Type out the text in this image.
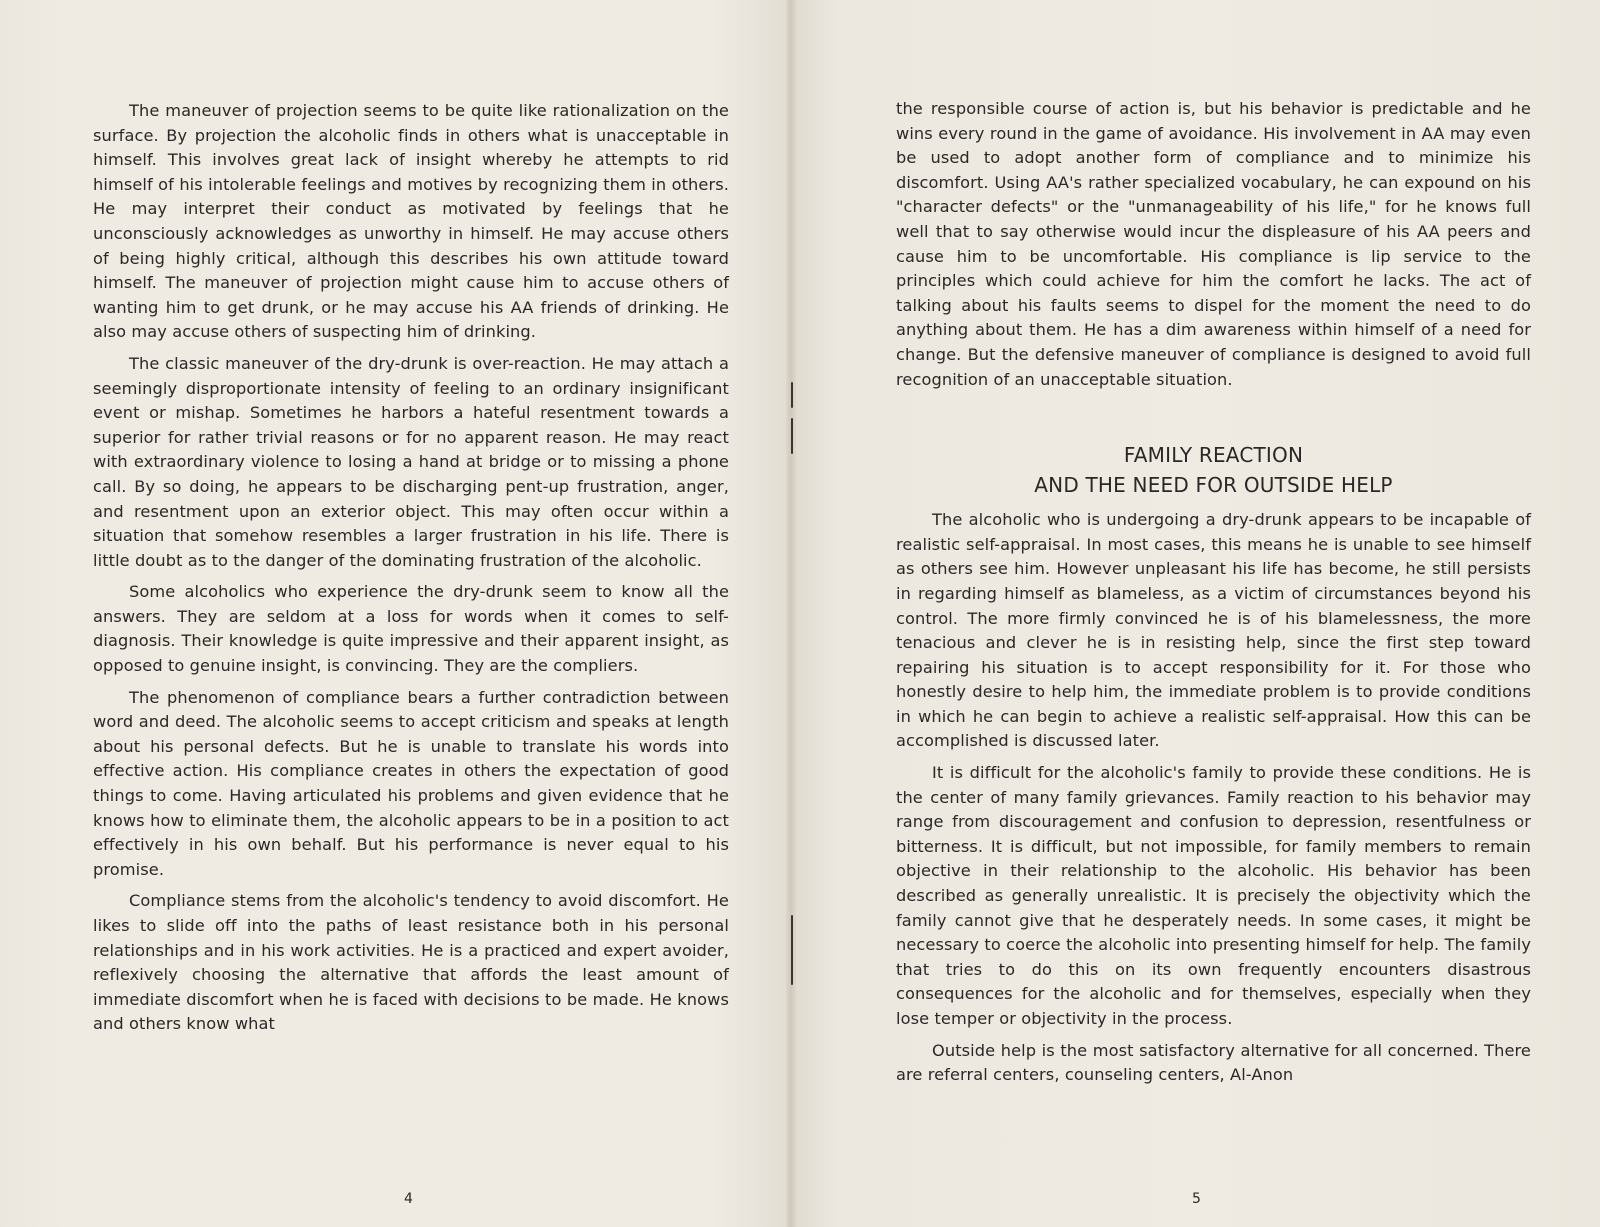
The maneuver of projection seems to be quite like rationalization on the surface. By projection the alcoholic finds in others what is unacceptable in himself. This involves great lack of insight whereby he attempts to rid himself of his intolerable feelings and motives by recognizing them in others. He may interpret their conduct as motivated by feelings that he unconsciously acknowledges as unworthy in himself. He may accuse others of being highly critical, although this describes his own attitude toward himself. The maneuver of projection might cause him to accuse others of wanting him to get drunk, or he may accuse his AA friends of drinking. He also may accuse others of suspecting him of drinking.

The classic maneuver of the dry-drunk is over-reaction. He may attach a seemingly disproportionate intensity of feeling to an ordinary insignificant event or mishap. Sometimes he harbors a hateful resentment towards a superior for rather trivial reasons or for no apparent reason. He may react with extraordinary violence to losing a hand at bridge or to missing a phone call. By so doing, he appears to be discharging pent-up frustration, anger, and resentment upon an exterior object. This may often occur within a situation that somehow resembles a larger frustration in his life. There is little doubt as to the danger of the dominating frustration of the alcoholic.

Some alcoholics who experience the dry-drunk seem to know all the answers. They are seldom at a loss for words when it comes to self-diagnosis. Their knowledge is quite impressive and their apparent insight, as opposed to genuine insight, is convincing. They are the compliers.

The phenomenon of compliance bears a further contradiction between word and deed. The alcoholic seems to accept criticism and speaks at length about his personal defects. But he is unable to translate his words into effective action. His compliance creates in others the expectation of good things to come. Having articulated his problems and given evidence that he knows how to eliminate them, the alcoholic appears to be in a position to act effectively in his own behalf. But his performance is never equal to his promise.

Compliance stems from the alcoholic's tendency to avoid discomfort. He likes to slide off into the paths of least resistance both in his personal relationships and in his work activities. He is a practiced and expert avoider, reflexively choosing the alternative that affords the least amount of immediate discomfort when he is faced with decisions to be made. He knows and others know what

4

the responsible course of action is, but his behavior is predictable and he wins every round in the game of avoidance. His involvement in AA may even be used to adopt another form of compliance and to minimize his discomfort. Using AA's rather specialized vocabulary, he can expound on his "character defects" or the "unmanageability of his life," for he knows full well that to say otherwise would incur the displeasure of his AA peers and cause him to be uncomfortable. His compliance is lip service to the principles which could achieve for him the comfort he lacks. The act of talking about his faults seems to dispel for the moment the need to do anything about them. He has a dim awareness within himself of a need for change. But the defensive maneuver of compliance is designed to avoid full recognition of an unacceptable situation.

FAMILY REACTION
AND THE NEED FOR OUTSIDE HELP

The alcoholic who is undergoing a dry-drunk appears to be incapable of realistic self-appraisal. In most cases, this means he is unable to see himself as others see him. However unpleasant his life has become, he still persists in regarding himself as blameless, as a victim of circumstances beyond his control. The more firmly convinced he is of his blamelessness, the more tenacious and clever he is in resisting help, since the first step toward repairing his situation is to accept responsibility for it. For those who honestly desire to help him, the immediate problem is to provide conditions in which he can begin to achieve a realistic self-appraisal. How this can be accomplished is discussed later.

It is difficult for the alcoholic's family to provide these conditions. He is the center of many family grievances. Family reaction to his behavior may range from discouragement and confusion to depression, resentfulness or bitterness. It is difficult, but not impossible, for family members to remain objective in their relationship to the alcoholic. His behavior has been described as generally unrealistic. It is precisely the objectivity which the family cannot give that he desperately needs. In some cases, it might be necessary to coerce the alcoholic into presenting himself for help. The family that tries to do this on its own frequently encounters disastrous consequences for the alcoholic and for themselves, especially when they lose temper or objectivity in the process.

Outside help is the most satisfactory alternative for all concerned. There are referral centers, counseling centers, Al-Anon

5
